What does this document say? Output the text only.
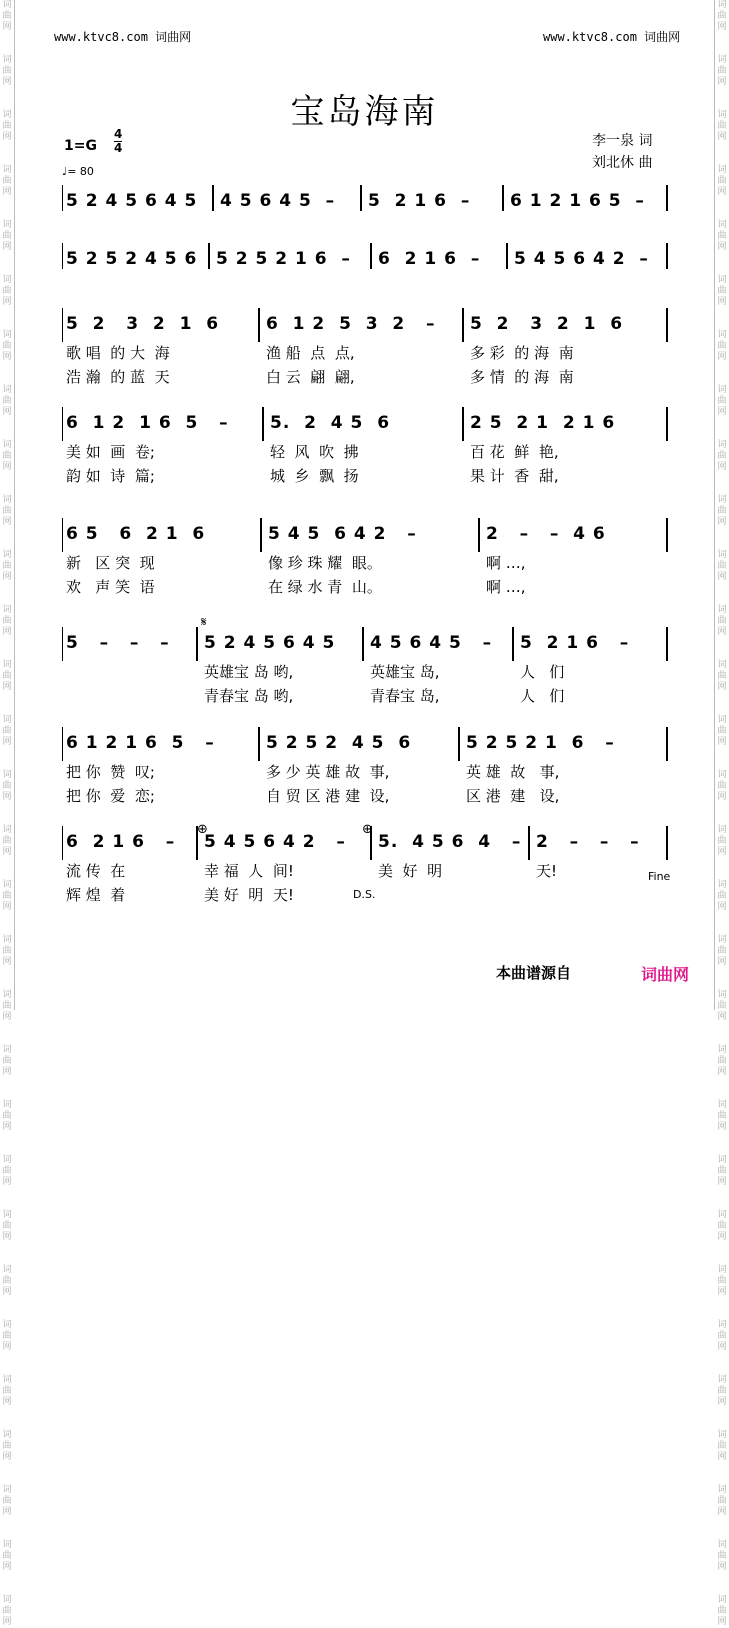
词
曲
网

词
曲
网

词
曲
网

词
曲
网

词
曲
网

词
曲
网

词
曲
网

词
曲
网

词
曲
网

词
曲
网

词
曲
网

词
曲
网

词
曲
网

词
曲
网

词
曲
网

词
曲
网

词
曲
网

词
曲
网

词
曲
网

词
曲
网

词
曲
网

词
曲
网

词
曲
网

词
曲
网

词
曲
网

词
曲
网

词
曲
网

词
曲
网

词
曲
网

词
曲
网

词
曲
网

词
曲
网

词
曲
网

词
曲
网

词
曲
网

词
曲
网

词
曲
网

词
曲
网

词
曲
网

词
曲
网

词
曲
网

词
曲
网

词
曲
网

词
曲
网

词
曲
网

词
曲
网

词
曲
网

词
曲
网

词
曲
网

词
曲
网

词
曲
网

词
曲
网

词
曲
网

词
曲
网

词
曲
网

词
曲
网

词
曲
网

词
曲
网

词
曲
网

词
曲
网

www.ktvc8.com 词曲网	www.ktvc8.com 词曲网
宝岛海南
李一泉 词
刘北休 曲
1=G
4
4
♩= 80
5 2 4 5 6 4 5 4 5 6 4 5  – 5  2 1 6  – 6 1 2 1 6 5  –
5 2 5 2 4 5 6 5 2 5 2 1 6  – 6  2 1 6  – 5 4 5 6 4 2  –
5  2   3  2  1  6
歌 唱  的 大  海
浩 瀚  的 蓝  天
6  1 2  5  3  2   –
渔 船  点  点,
白 云  翩  翩,
5  2   3  2  1  6
多 彩  的 海  南
多 情  的 海  南
6  1 2  1 6  5   –
美 如  画  卷;
韵 如  诗  篇;
5.  2  4 5  6
轻  风  吹  拂
城  乡  飘  扬
2 5  2 1  2 1 6
百 花  鲜  艳,
果 计  香  甜,
6 5   6  2 1  6
新   区 突  现
欢   声 笑  语
5 4 5  6 4 2   –
像 珍 珠 耀  眼。
在 绿 水 青  山。
2   –   –  4 6
啊 …,
啊 …,
5   –   –   – 5 2 4 5 6 4 5
英雄宝 岛 哟,
青春宝 岛 哟,
4 5 6 4 5   –
英雄宝 岛,
青春宝 岛,
5  2 1 6   –
人   们
人   们
6 1 2 1 6  5   –
把 你  赞  叹;
把 你  爱  恋;
5 2 5 2  4 5  6
多 少 英 雄 故  事,
自 贸 区 港 建  设,
5 2 5 2 1  6   –
英 雄  故   事,
区 港  建   设,
6  2 1 6   –
流 传  在
辉 煌  着
5 4 5 6 4 2   –
幸 福  人  间!
美 好  明  天!
5.  4 5 6  4   –
美  好  明
2   –   –   –
天!
𝄋
⊕	⊕
Fine
D.S.
本曲谱源自	词曲网
